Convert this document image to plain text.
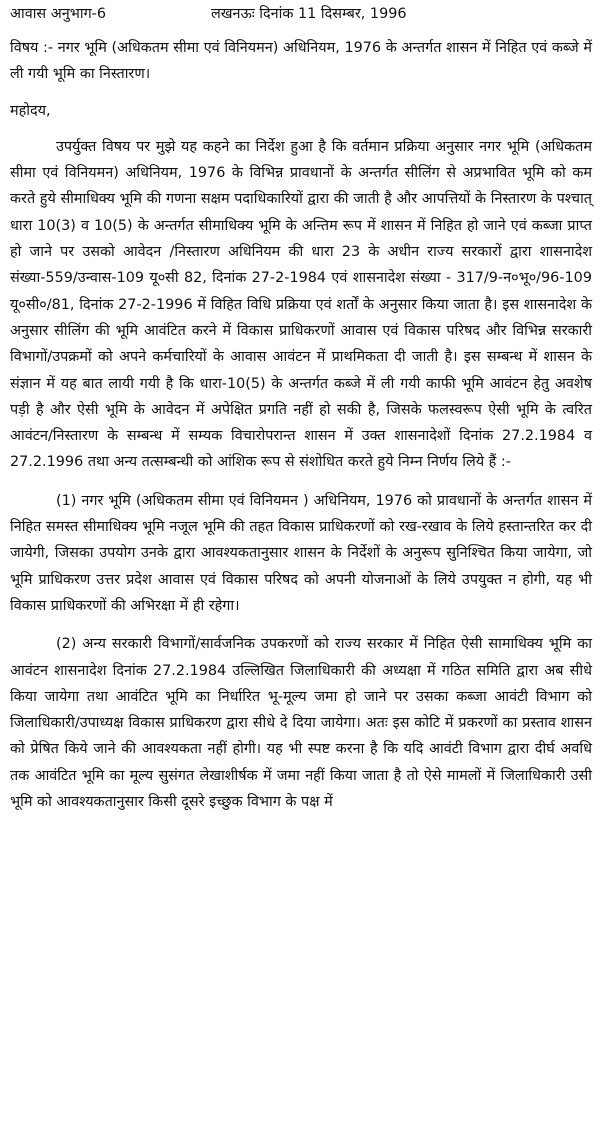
आवास अनुभाग-6	लखनऊः दिनांक 11 दिसम्बर, 1996

विषय :- नगर भूमि (अधिकतम सीमा एवं विनियमन) अधिनियम, 1976 के अन्तर्गत शासन में निहित एवं कब्जे में ली गयी भूमि का निस्तारण।

महोदय,

उपर्युक्त विषय पर मुझे यह कहने का निर्देश हुआ है कि वर्तमान प्रक्रिया अनुसार नगर भूमि (अधिकतम सीमा एवं विनियमन) अधिनियम, 1976 के विभिन्न प्रावधानों के अन्तर्गत सीलिंग से अप्रभावित भूमि को कम करते हुये सीमाधिक्य भूमि की गणना सक्षम पदाधिकारियों द्वारा की जाती है और आपत्तियों के निस्तारण के पश्चात् धारा 10(3) व 10(5) के अन्तर्गत सीमाधिक्य भूमि के अन्तिम रूप में शासन में निहित हो जाने एवं कब्जा प्राप्त हो जाने पर उसको आवेदन /निस्तारण अधिनियम की धारा 23 के अधीन राज्य सरकारों द्वारा शासनादेश संख्या-559/उन्वास-109 यू०सी 82, दिनांक 27-2-1984 एवं शासनादेश संख्या - 317/9-न०भू०/96-109 यू०सी०/81, दिनांक 27-2-1996 में विहित विधि प्रक्रिया एवं शर्तों के अनुसार किया जाता है। इस शासनादेश के अनुसार सीलिंग की भूमि आवंटित करने में विकास प्राधिकरणों आवास एवं विकास परिषद और विभिन्न सरकारी विभागों/उपक्रमों को अपने कर्मचारियों के आवास आवंटन में प्राथमिकता दी जाती है। इस सम्बन्ध में शासन के संज्ञान में यह बात लायी गयी है कि धारा-10(5) के अन्तर्गत कब्जे में ली गयी काफी भूमि आवंटन हेतु अवशेष पड़ी है और ऐसी भूमि के आवेदन में अपेक्षित प्रगति नहीं हो सकी है, जिसके फलस्वरूप ऐसी भूमि के त्वरित आवंटन/निस्तारण के सम्बन्ध में सम्यक विचारोपरान्त शासन में उक्त शासनादेशों दिनांक 27.2.1984 व 27.2.1996 तथा अन्य तत्सम्बन्धी को आंशिक रूप से संशोधित करते हुये निम्न निर्णय लिये हैं :-

(1) नगर भूमि (अधिकतम सीमा एवं विनियमन ) अधिनियम, 1976 को प्रावधानों के अन्तर्गत शासन में निहित समस्त सीमाधिक्य भूमि नजूल भूमि की तहत विकास प्राधिकरणों को रख-रखाव के लिये हस्तान्तरित कर दी जायेगी, जिसका उपयोग उनके द्वारा आवश्यकतानुसार शासन के निर्देशों के अनुरूप सुनिश्चित किया जायेगा, जो भूमि प्राधिकरण उत्तर प्रदेश आवास एवं विकास परिषद को अपनी योजनाओं के लिये उपयुक्त न होगी, यह भी विकास प्राधिकरणों की अभिरक्षा में ही रहेगा।

(2) अन्य सरकारी विभागों/सार्वजनिक उपकरणों को राज्य सरकार में निहित ऐसी सामाधिक्य भूमि का आवंटन शासनादेश दिनांक 27.2.1984 उल्लिखित जिलाधिकारी की अध्यक्षा में गठित समिति द्वारा अब सीधे किया जायेगा तथा आवंटित भूमि का निर्धारित भू-मूल्य जमा हो जाने पर उसका कब्जा आवंटी विभाग को जिलाधिकारी/उपाध्यक्ष विकास प्राधिकरण द्वारा सीधे दे दिया जायेगा। अतः इस कोटि में प्रकरणों का प्रस्ताव शासन को प्रेषित किये जाने की आवश्यकता नहीं होगी। यह भी स्पष्ट करना है कि यदि आवंटी विभाग द्वारा दीर्घ अवधि तक आवंटित भूमि का मूल्य सुसंगत लेखाशीर्षक में जमा नहीं किया जाता है तो ऐसे मामलों में जिलाधिकारी उसी भूमि को आवश्यकतानुसार किसी दूसरे इच्छुक विभाग के पक्ष में
